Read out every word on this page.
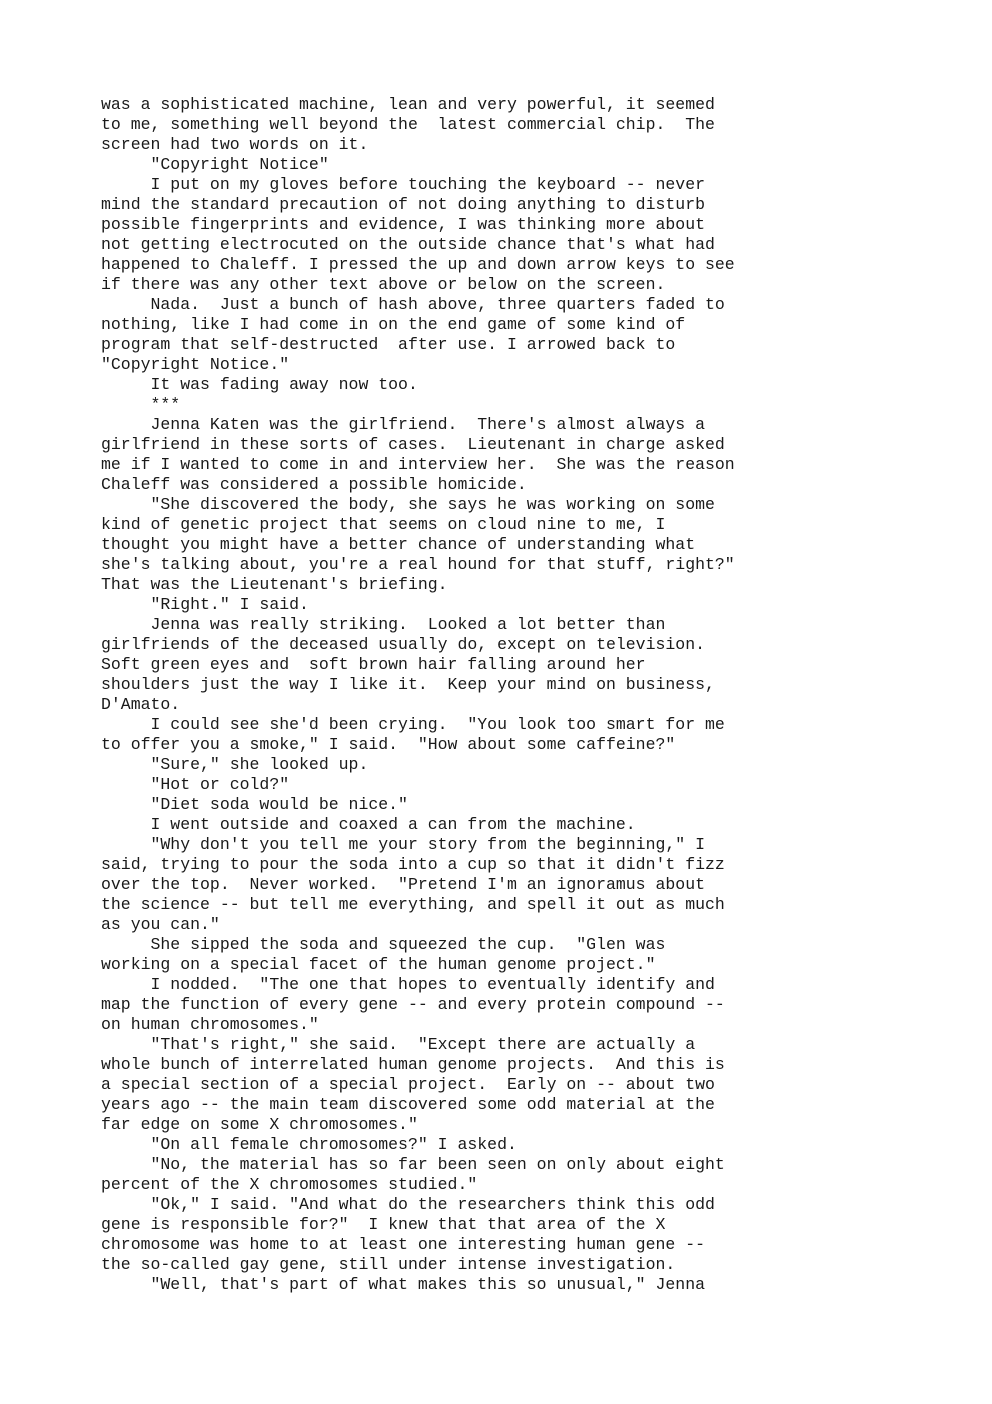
was a sophisticated machine, lean and very powerful, it seemed
to me, something well beyond the  latest commercial chip.  The
screen had two words on it.
"Copyright Notice"
I put on my gloves before touching the keyboard -- never
mind the standard precaution of not doing anything to disturb
possible fingerprints and evidence, I was thinking more about
not getting electrocuted on the outside chance that's what had
happened to Chaleff. I pressed the up and down arrow keys to see
if there was any other text above or below on the screen.
Nada.  Just a bunch of hash above, three quarters faded to
nothing, like I had come in on the end game of some kind of
program that self-destructed  after use. I arrowed back to
"Copyright Notice."
It was fading away now too.
***
Jenna Katen was the girlfriend.  There's almost always a
girlfriend in these sorts of cases.  Lieutenant in charge asked
me if I wanted to come in and interview her.  She was the reason
Chaleff was considered a possible homicide.
"She discovered the body, she says he was working on some
kind of genetic project that seems on cloud nine to me, I
thought you might have a better chance of understanding what
she's talking about, you're a real hound for that stuff, right?"
That was the Lieutenant's briefing.
"Right." I said.
Jenna was really striking.  Looked a lot better than
girlfriends of the deceased usually do, except on television.
Soft green eyes and  soft brown hair falling around her
shoulders just the way I like it.  Keep your mind on business,
D'Amato.
I could see she'd been crying.  "You look too smart for me
to offer you a smoke," I said.  "How about some caffeine?"
"Sure," she looked up.
"Hot or cold?"
"Diet soda would be nice."
I went outside and coaxed a can from the machine.
"Why don't you tell me your story from the beginning," I
said, trying to pour the soda into a cup so that it didn't fizz
over the top.  Never worked.  "Pretend I'm an ignoramus about
the science -- but tell me everything, and spell it out as much
as you can."
She sipped the soda and squeezed the cup.  "Glen was
working on a special facet of the human genome project."
I nodded.  "The one that hopes to eventually identify and
map the function of every gene -- and every protein compound --
on human chromosomes."
"That's right," she said.  "Except there are actually a
whole bunch of interrelated human genome projects.  And this is
a special section of a special project.  Early on -- about two
years ago -- the main team discovered some odd material at the
far edge on some X chromosomes."
"On all female chromosomes?" I asked.
"No, the material has so far been seen on only about eight
percent of the X chromosomes studied."
"Ok," I said. "And what do the researchers think this odd
gene is responsible for?"  I knew that that area of the X
chromosome was home to at least one interesting human gene --
the so-called gay gene, still under intense investigation.
"Well, that's part of what makes this so unusual," Jenna
